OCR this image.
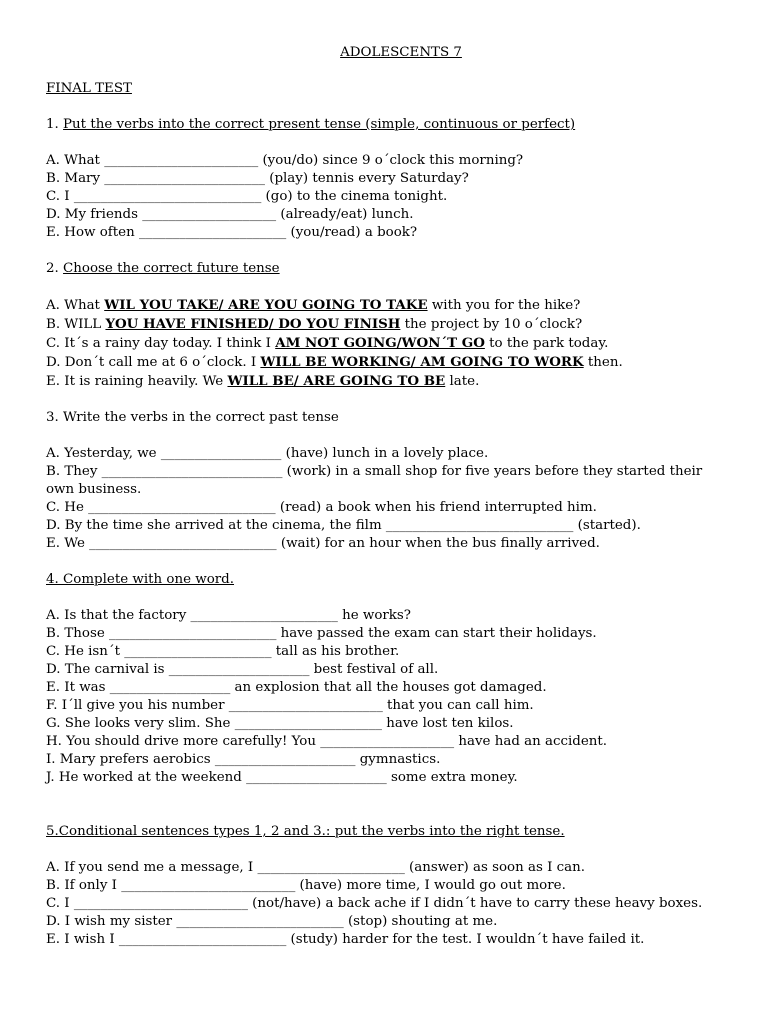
ADOLESCENTS 7
FINAL TEST
1. Put the verbs into the correct present tense (simple, continuous or perfect)
A. What _______________________ (you/do) since 9 o´clock this morning?
B. Mary ________________________ (play) tennis every Saturday?
C. I ____________________________ (go) to the cinema tonight.
D. My friends ____________________ (already/eat) lunch.
E. How often ______________________ (you/read) a book?
2. Choose the correct future tense
A. What WIL YOU TAKE/ ARE YOU GOING TO TAKE with you for the hike?
B. WILL YOU HAVE FINISHED/ DO YOU FINISH the project by 10 o´clock?
C. It´s a rainy day today. I think I AM NOT GOING/WON´T GO to the park today.
D. Don´t call me at 6 o´clock. I WILL BE WORKING/ AM GOING TO WORK then.
E. It is raining heavily. We WILL BE/ ARE GOING TO BE late.
3. Write the verbs in the correct past tense
A. Yesterday, we __________________ (have) lunch in a lovely place.
B. They ___________________________ (work) in a small shop for five years before they started their own business.
C. He ____________________________ (read) a book when his friend interrupted him.
D. By the time she arrived at the cinema, the film ____________________________ (started).
E. We ____________________________ (wait) for an hour when the bus finally arrived.
4. Complete with one word.
A. Is that the factory ______________________ he works?
B. Those _________________________ have passed the exam can start their holidays.
C. He isn´t ______________________ tall as his brother.
D. The carnival is _____________________ best festival of all.
E. It was __________________ an explosion that all the houses got damaged.
F. I´ll give you his number _______________________ that you can call him.
G. She looks very slim. She ______________________ have lost ten kilos.
H. You should drive more carefully! You ____________________ have had an accident.
I. Mary prefers aerobics _____________________ gymnastics.
J. He worked at the weekend _____________________ some extra money.
5.Conditional sentences types 1, 2 and 3.: put the verbs into the right tense.
A. If you send me a message, I ______________________ (answer) as soon as I can.
B. If only I __________________________ (have) more time, I would go out more.
C. I __________________________ (not/have) a back ache if I didn´t have to carry these heavy boxes.
D. I wish my sister _________________________ (stop) shouting at me.
E. I wish I _________________________ (study) harder for the test. I wouldn´t have failed it.
